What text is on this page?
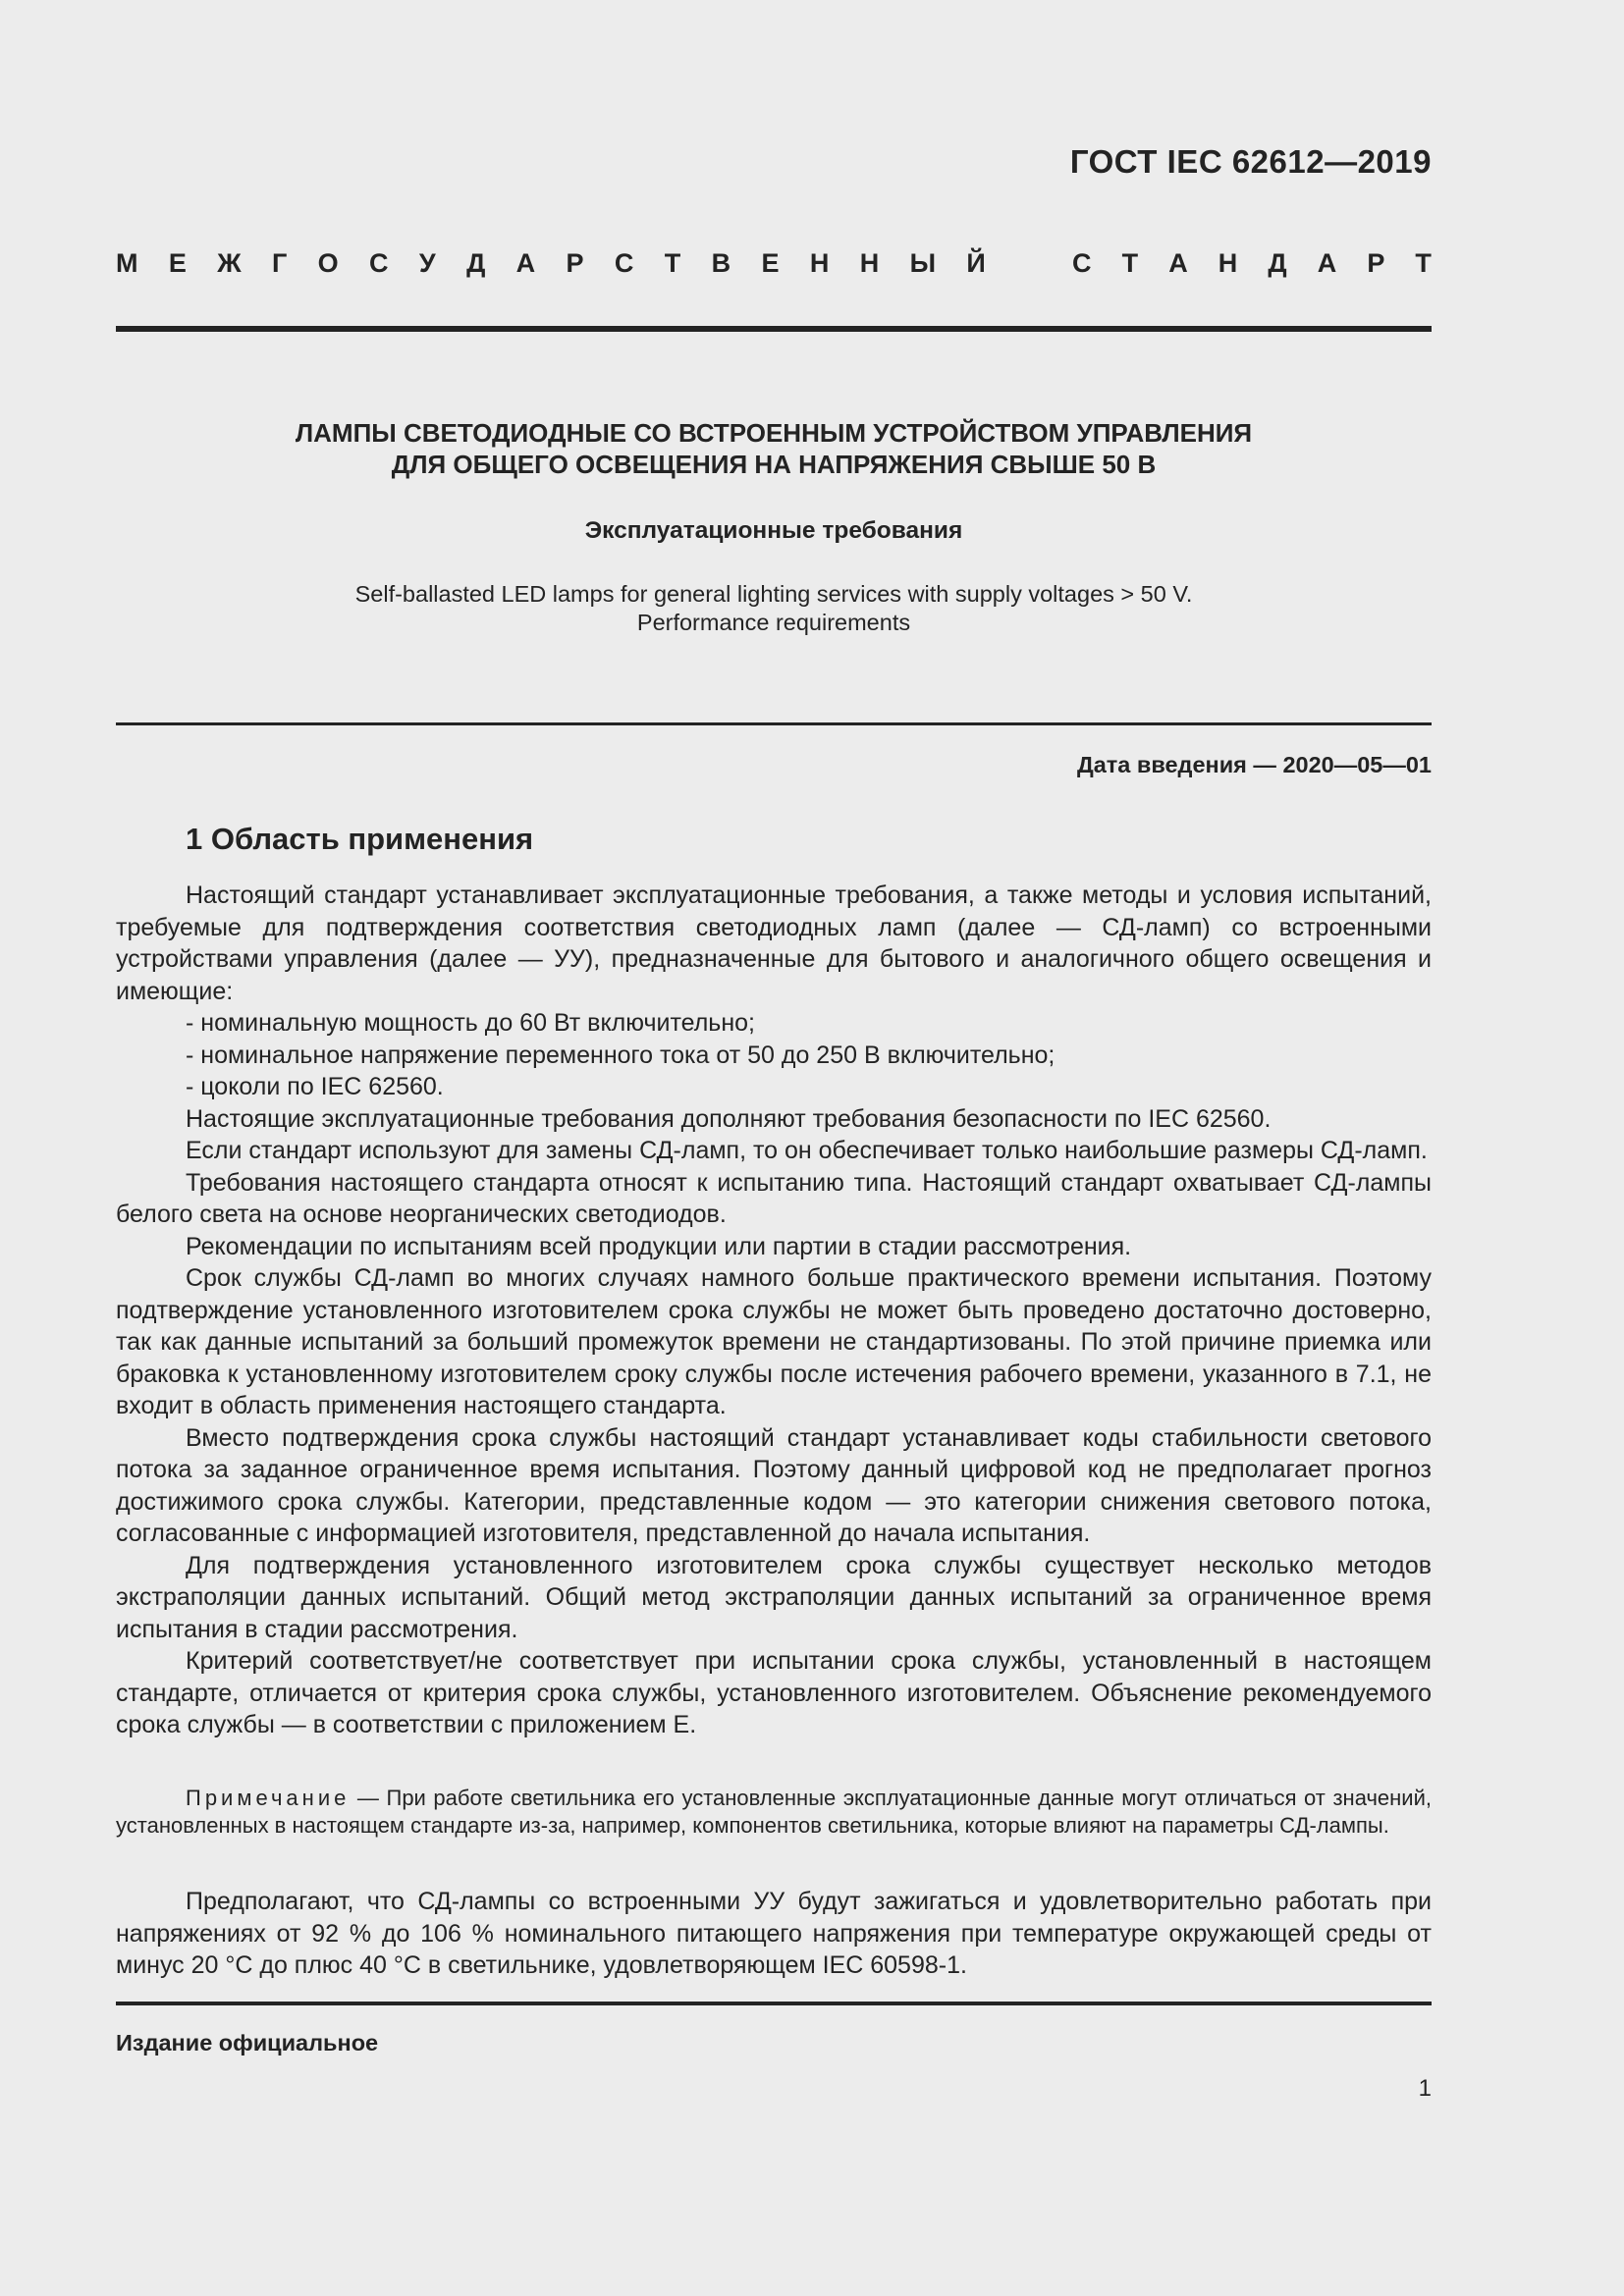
ГОСТ IEC 62612—2019
М Е Ж Г О С У Д А Р С Т В Е Н Н Ы Й	С Т А Н Д А Р Т
ЛАМПЫ СВЕТОДИОДНЫЕ СО ВСТРОЕННЫМ УСТРОЙСТВОМ УПРАВЛЕНИЯ
ДЛЯ ОБЩЕГО ОСВЕЩЕНИЯ НА НАПРЯЖЕНИЯ СВЫШЕ 50 В
Эксплуатационные требования
Self-ballasted LED lamps for general lighting services with supply voltages > 50 V.
Performance requirements
Дата введения — 2020—05—01
1 Область применения

Настоящий стандарт устанавливает эксплуатационные требования, а также методы и условия испытаний, требуемые для подтверждения соответствия светодиодных ламп (далее — СД-ламп) со встроенными устройствами управления (далее — УУ), предназначенные для бытового и аналогичного общего освещения и имеющие:

- номинальную мощность до 60 Вт включительно;

- номинальное напряжение переменного тока от 50 до 250 В включительно;

- цоколи по IEC 62560.

Настоящие эксплуатационные требования дополняют требования безопасности по IEC 62560.

Если стандарт используют для замены СД-ламп, то он обеспечивает только наибольшие размеры СД-ламп.

Требования настоящего стандарта относят к испытанию типа. Настоящий стандарт охватывает СД-лампы белого света на основе неорганических светодиодов.

Рекомендации по испытаниям всей продукции или партии в стадии рассмотрения.

Срок службы СД-ламп во многих случаях намного больше практического времени испытания. Поэтому подтверждение установленного изготовителем срока службы не может быть проведено достаточно достоверно, так как данные испытаний за больший промежуток времени не стандартизованы. По этой причине приемка или браковка к установленному изготовителем сроку службы после истечения рабочего времени, указанного в 7.1, не входит в область применения настоящего стандарта.

Вместо подтверждения срока службы настоящий стандарт устанавливает коды стабильности светового потока за заданное ограниченное время испытания. Поэтому данный цифровой код не предполагает прогноз достижимого срока службы. Категории, представленные кодом — это категории снижения светового потока, согласованные с информацией изготовителя, представленной до начала испытания.

Для подтверждения установленного изготовителем срока службы существует несколько методов экстраполяции данных испытаний. Общий метод экстраполяции данных испытаний за ограниченное время испытания в стадии рассмотрения.

Критерий соответствует/не соответствует при испытании срока службы, установленный в настоящем стандарте, отличается от критерия срока службы, установленного изготовителем. Объяснение рекомендуемого срока службы — в соответствии с приложением Е.

Примечание — При работе светильника его установленные эксплуатационные данные могут отличаться от значений, установленных в настоящем стандарте из-за, например, компонентов светильника, которые влияют на параметры СД-лампы.

Предполагают, что СД-лампы со встроенными УУ будут зажигаться и удовлетворительно работать при напряжениях от 92 % до 106 % номинального питающего напряжения при температуре окружающей среды от минус 20 °С до плюс 40 °С в светильнике, удовлетворяющем IEC 60598-1.

Издание официальное
1
